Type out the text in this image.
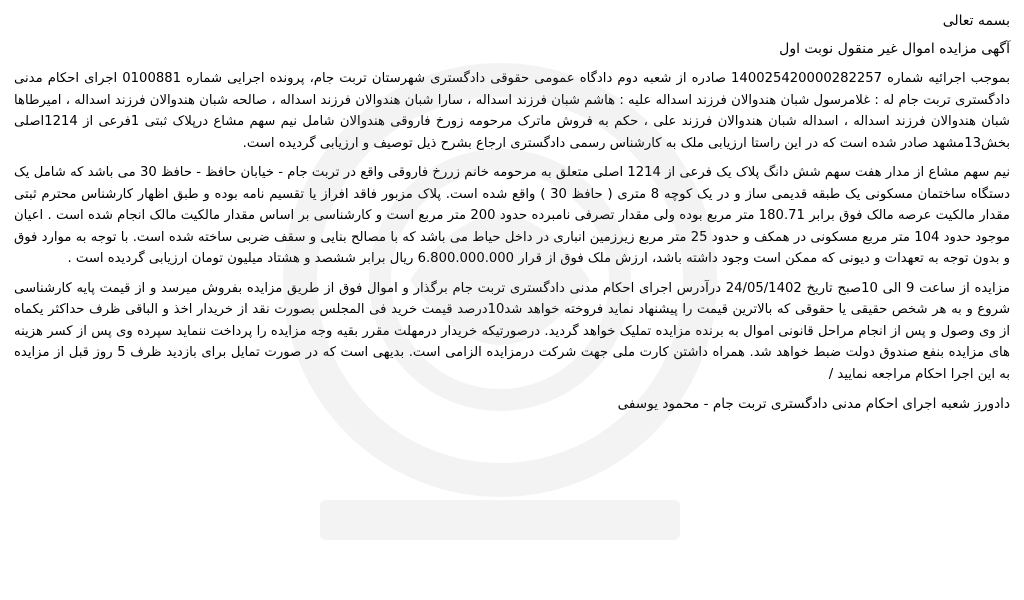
بسمه تعالی

آگهی مزایده اموال غیر منقول نوبت اول

بموجب اجرائیه شماره 140025420000282257 صادره از شعبه دوم دادگاه عمومی حقوقی دادگستری شهرستان تربت جام، پرونده اجرایی شماره 0100881 اجرای احکام مدنی دادگستری تربت جام له : غلامرسول شبان هندوالان فرزند اسداله علیه : هاشم شبان فرزند اسداله ، سارا شبان هندوالان فرزند اسداله ، صالحه شبان هندوالان فرزند اسداله ، امیرطاها شبان هندوالان فرزند اسداله ، اسداله شبان هندوالان فرزند علی ، حکم به فروش ماترک مرحومه زورخ فاروقی هندوالان شامل نیم سهم مشاع درپلاک ثبتی 1فرعی از 1214اصلی بخش13مشهد صادر شده است که در این راستا ارزیابی ملک به کارشناس رسمی دادگستری ارجاع بشرح ذیل توصیف و ارزیابی گردیده است.

نیم سهم مشاع از مدار هفت سهم شش دانگ پلاک یک فرعی از 1214 اصلی متعلق به مرحومه خانم زررخ فاروقی واقع در تربت جام - خیابان حافظ - حافظ 30 می باشد که شامل یک دستگاه ساختمان مسکونی یک طبقه قدیمی ساز و در یک کوچه 8 متری ( حافظ 30 ) واقع شده است. پلاک مزبور فاقد افراز یا تقسیم نامه بوده و طبق اظهار کارشناس محترم ثبتی مقدار مالکیت عرصه مالک فوق برابر 180.71 متر مربع بوده ولی مقدار تصرفی نامبرده حدود 200 متر مربع است و کارشناسی بر اساس مقدار مالکیت مالک انجام شده است . اعیان موجود حدود 104 متر مربع مسکونی در همکف و حدود 25 متر مربع زیرزمین انباری در داخل حیاط می باشد که با مصالح بنایی و سقف ضربی ساخته شده است. با توجه به موارد فوق و بدون توجه به تعهدات و دیونی که ممکن است وجود داشته باشد، ارزش ملک فوق از قرار 6.800.000.000 ریال برابر ششصد و هشتاد میلیون تومان ارزیابی گردیده است .

مزایده از ساعت 9 الی 10صبح تاریخ 24/05/1402 درآدرس اجرای احکام مدنی دادگستری تربت جام برگذار و اموال فوق از طریق مزایده بفروش میرسد و از قیمت پایه کارشناسی شروع و به هر شخص حقیقی یا حقوقی که بالاترین قیمت را پیشنهاد نماید فروخته خواهد شد10درصد قیمت خرید فی المجلس بصورت نقد از خریدار اخذ و الباقی ظرف حداکثر یکماه از وی وصول و پس از انجام مراحل قانونی اموال به برنده مزایده تملیک خواهد گردید. درصورتیکه خریدار درمهلت مقرر بقیه وجه مزایده را پرداخت ننماید سپرده وی پس از کسر هزینه های مزایده بنفع صندوق دولت ضبط خواهد شد. همراه داشتن کارت ملی جهت شرکت درمزایده الزامی است. بدیهی است که در صورت تمایل برای بازدید ظرف 5 روز قبل از مزایده به این اجرا احکام مراجعه نمایید /

دادورز شعبه اجرای احکام مدنی دادگستری تربت جام - محمود یوسفی
